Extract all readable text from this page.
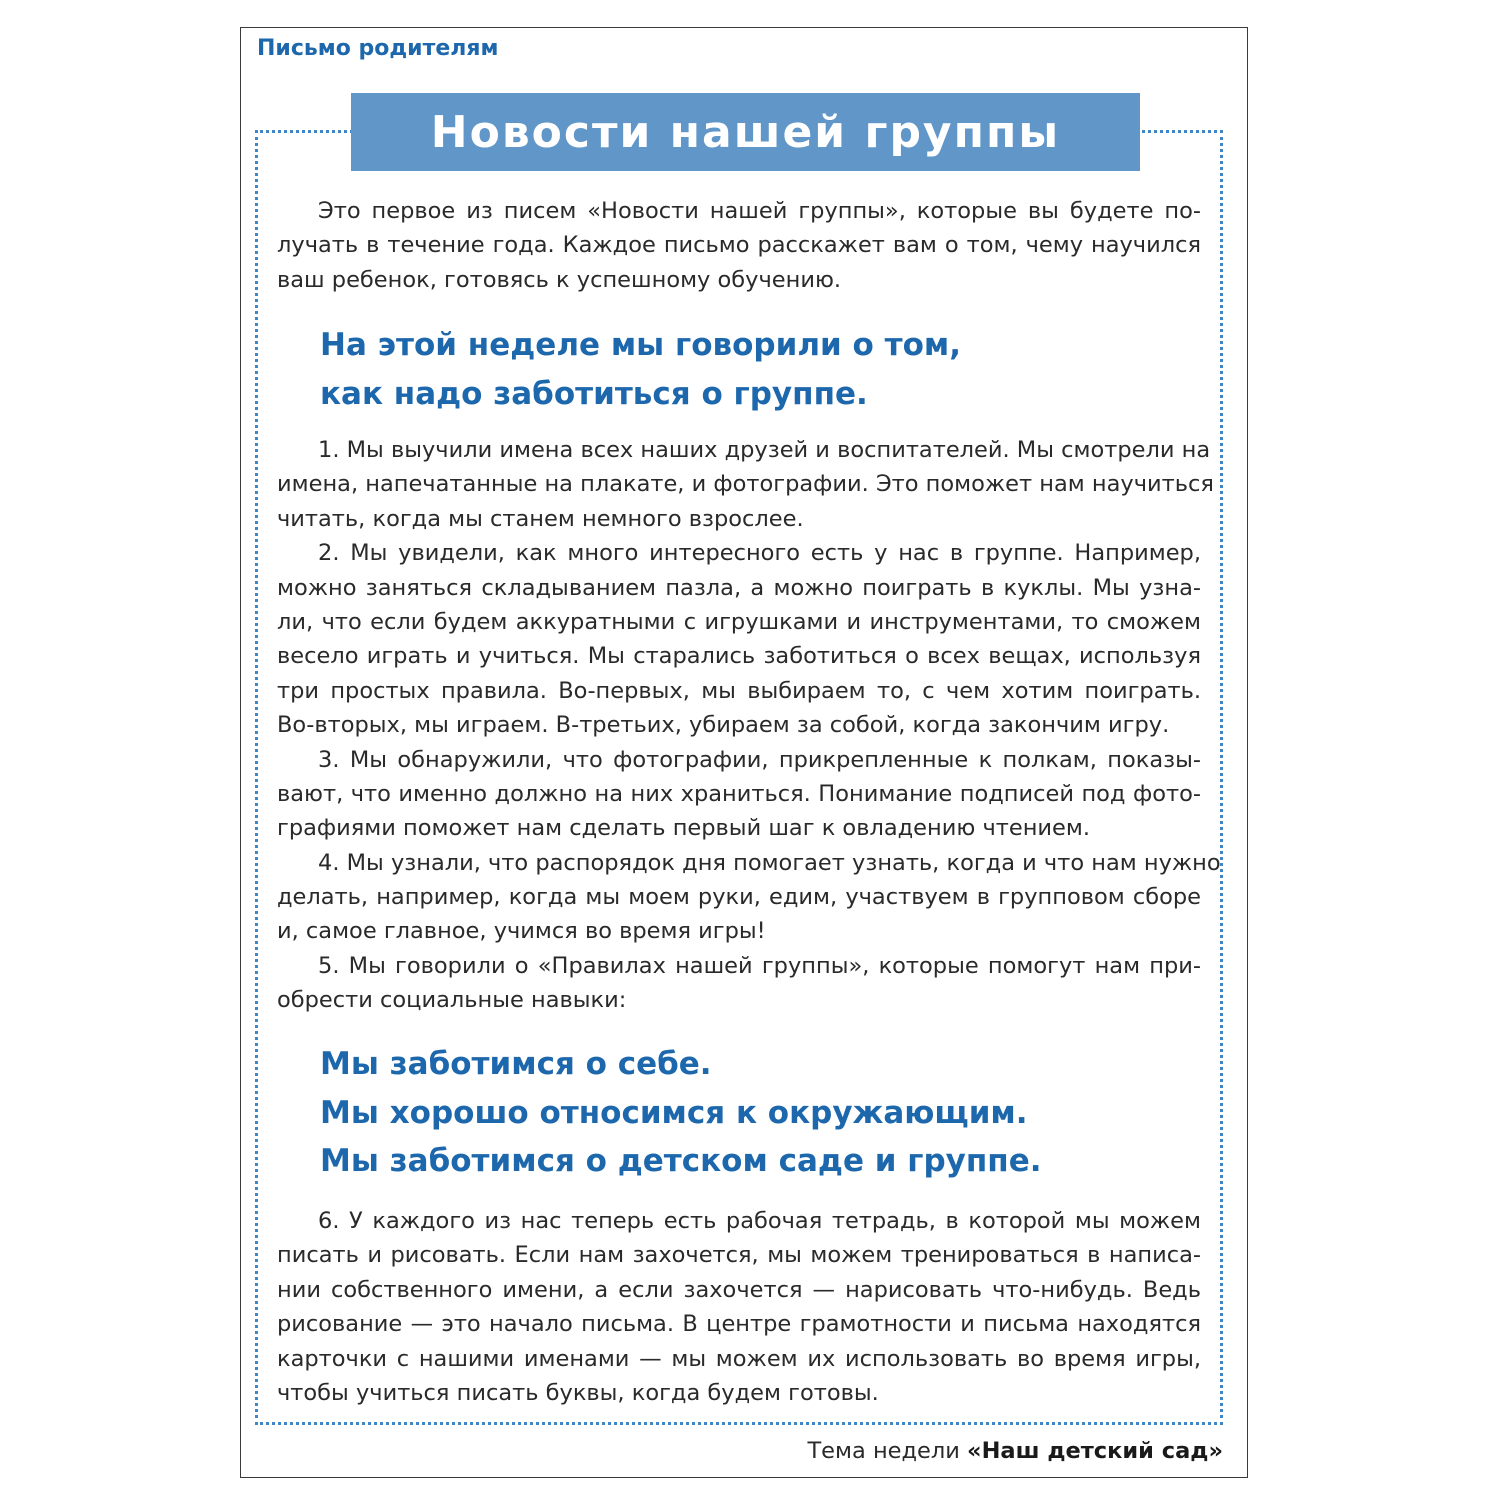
Письмо родителям
Новости нашей группы
Это первое из писем «Новости нашей группы», которые вы будете по-
лучать в течение года. Каждое письмо расскажет вам о том, чему научился
ваш ребенок, готовясь к успешному обучению.
На этой неделе мы говорили о том,
как надо заботиться о группе.
1. Мы выучили имена всех наших друзей и воспитателей. Мы смотрели на
имена, напечатанные на плакате, и фотографии. Это поможет нам научиться
читать, когда мы станем немного взрослее.
2. Мы увидели, как много интересного есть у нас в группе. Например,
можно заняться складыванием пазла, а можно поиграть в куклы. Мы узна-
ли, что если будем аккуратными с игрушками и инструментами, то сможем
весело играть и учиться. Мы старались заботиться о всех вещах, используя
три простых правила. Во-первых, мы выбираем то, с чем хотим поиграть.
Во-вторых, мы играем. В-третьих, убираем за собой, когда закончим игру.
3. Мы обнаружили, что фотографии, прикрепленные к полкам, показы-
вают, что именно должно на них храниться. Понимание подписей под фото-
графиями поможет нам сделать первый шаг к овладению чтением.
4. Мы узнали, что распорядок дня помогает узнать, когда и что нам нужно
делать, например, когда мы моем руки, едим, участвуем в групповом сборе
и, самое главное, учимся во время игры!
5. Мы говорили о «Правилах нашей группы», которые помогут нам при-
обрести социальные навыки:
Мы заботимся о себе.
Мы хорошо относимся к окружающим.
Мы заботимся о детском саде и группе.
6. У каждого из нас теперь есть рабочая тетрадь, в которой мы можем
писать и рисовать. Если нам захочется, мы можем тренироваться в написа-
нии собственного имени, а если захочется — нарисовать что-нибудь. Ведь
рисование — это начало письма. В центре грамотности и письма находятся
карточки с нашими именами — мы можем их использовать во время игры,
чтобы учиться писать буквы, когда будем готовы.
Тема недели «Наш детский сад»
